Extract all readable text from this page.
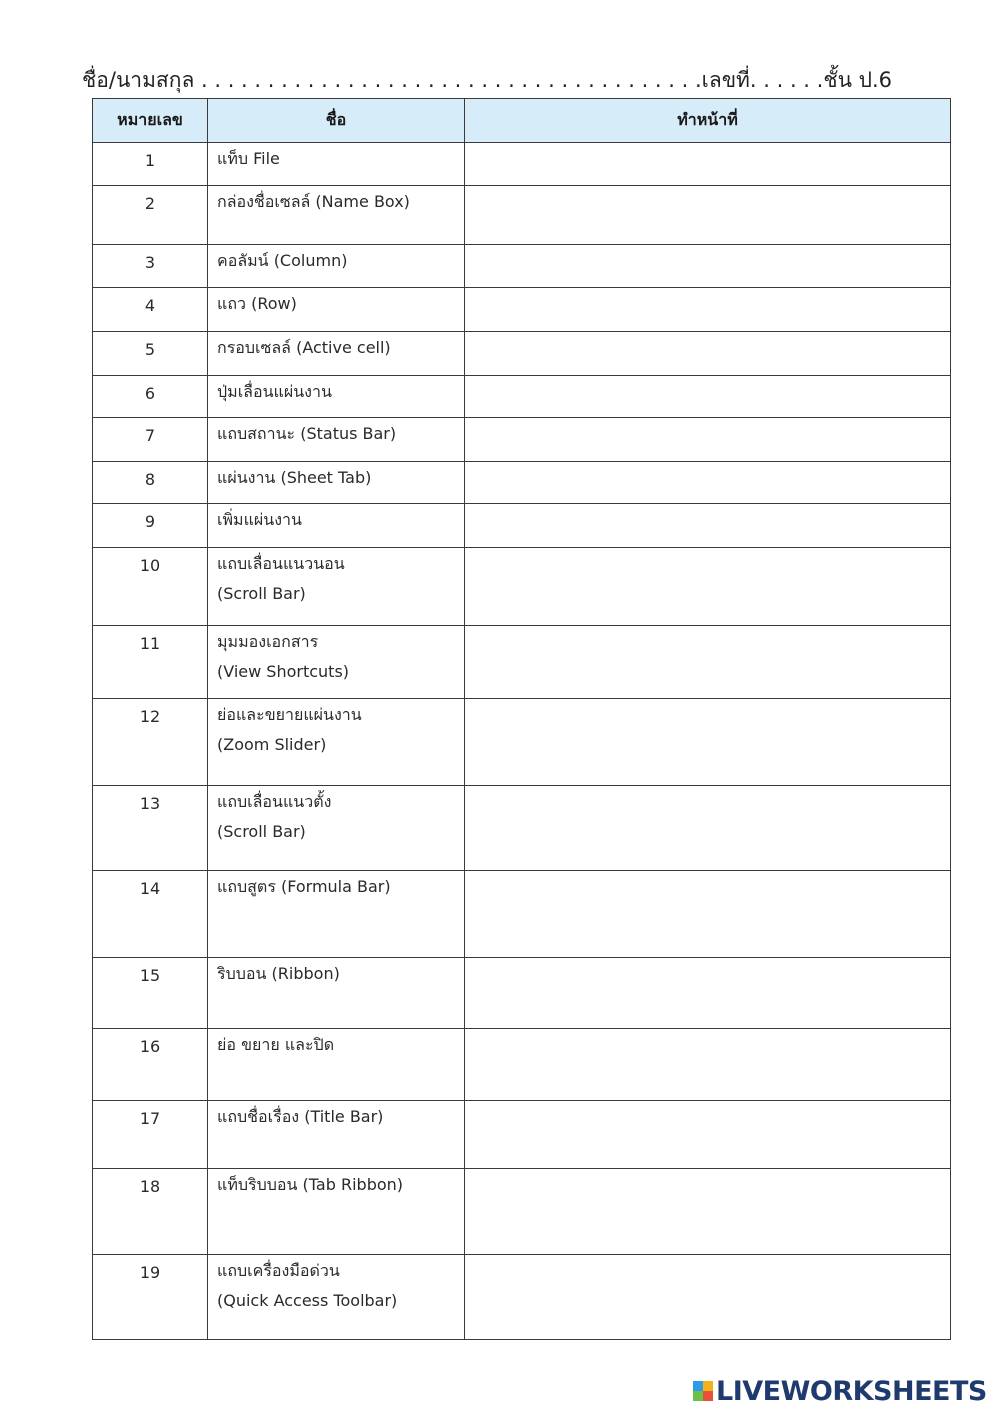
ชื่อ/นามสกุล . . . . . . . . . . . . . . . . . . . . . . . . . . . . . . . . . . . . . .เลขที่. . . . . .ชั้น ป.6
หมายเลข	ชื่อ	ทำหน้าที่

1	แท็บ File	

2	กล่องชื่อเซลล์ (Name Box)	

3	คอลัมน์ (Column)	

4	แถว (Row)	

5	กรอบเซลล์ (Active cell)	

6	ปุ่มเลื่อนแผ่นงาน	

7	แถบสถานะ (Status Bar)	

8	แผ่นงาน (Sheet Tab)	

9	เพิ่มแผ่นงาน	

10	แถบเลื่อนแนวนอน
(Scroll Bar)	

11	มุมมองเอกสาร
(View Shortcuts)	

12	ย่อและขยายแผ่นงาน
(Zoom Slider)	

13	แถบเลื่อนแนวตั้ง
(Scroll Bar)	

14	แถบสูตร (Formula Bar)	

15	ริบบอน (Ribbon)	

16	ย่อ ขยาย และปิด	

17	แถบชื่อเรื่อง (Title Bar)	

18	แท็บริบบอน (Tab Ribbon)	

19	แถบเครื่องมือด่วน
(Quick Access Toolbar)	

LIVEWORKSHEETS
